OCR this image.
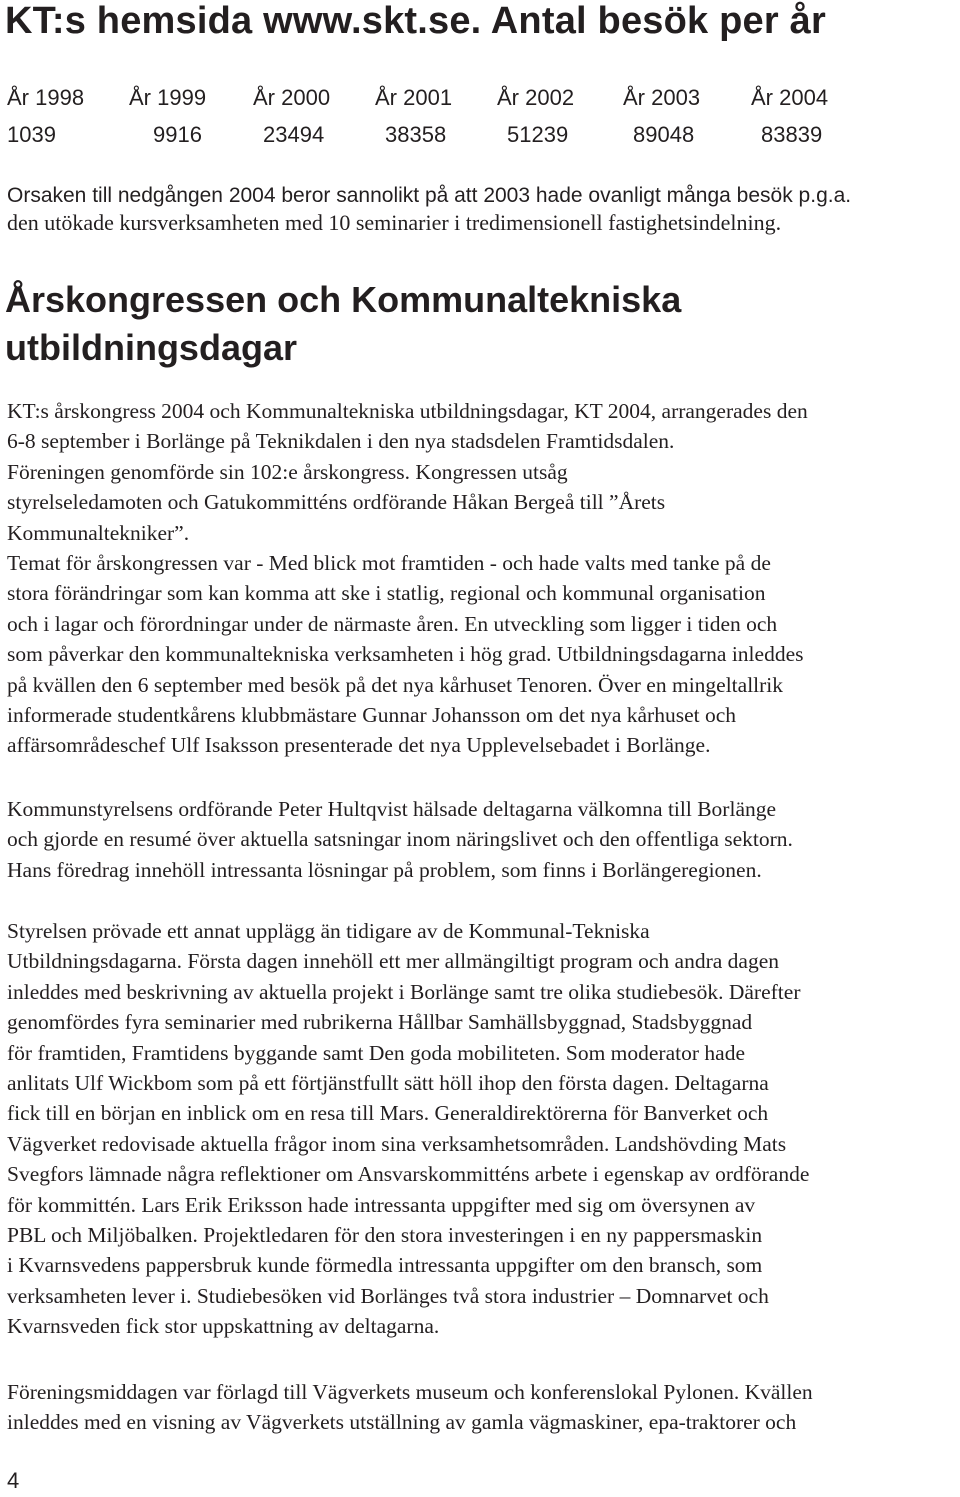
KT:s hemsida www.skt.se. Antal besök per år
År 1998 År 1999 År 2000 År 2001 År 2002 År 2003 År 2004
1039	9916	23494	38358	51239	89048	83839
Orsaken till nedgången 2004 beror sannolikt på att 2003 hade ovanligt många besök p.g.a.
den utökade kursverksamheten med 10 seminarier i tredimensionell fastighetsindelning.
Årskongressen och Kommunaltekniska
utbildningsdagar
KT:s årskongress 2004 och Kommunaltekniska utbildningsdagar, KT 2004, arrangerades den
6-8 september i Borlänge på Teknikdalen i den nya stadsdelen Framtidsdalen.
Föreningen genomförde sin 102:e årskongress. Kongressen utsåg
styrelseledamoten och Gatukommitténs ordförande Håkan Bergeå till ”Årets
Kommunaltekniker”.
Temat för årskongressen var - Med blick mot framtiden - och hade valts med tanke på de
stora förändringar som kan komma att ske i statlig, regional och kommunal organisation
och i lagar och förordningar under de närmaste åren. En utveckling som ligger i tiden och
som påverkar den kommunaltekniska verksamheten i hög grad. Utbildningsdagarna inleddes
på kvällen den 6 september med besök på det nya kårhuset Tenoren. Över en mingeltallrik
informerade studentkårens klubbmästare Gunnar Johansson om det nya kårhuset och
affärsområdeschef Ulf Isaksson presenterade det nya Upplevelsebadet i Borlänge.
Kommunstyrelsens ordförande Peter Hultqvist hälsade deltagarna välkomna till Borlänge
och gjorde en resumé över aktuella satsningar inom näringslivet och den offentliga sektorn.
Hans föredrag innehöll intressanta lösningar på problem, som finns i Borlängeregionen.
Styrelsen prövade ett annat upplägg än tidigare av de Kommunal-Tekniska
Utbildningsdagarna. Första dagen innehöll ett mer allmängiltigt program och andra dagen
inleddes med beskrivning av aktuella projekt i Borlänge samt tre olika studiebesök. Därefter
genomfördes fyra seminarier med rubrikerna Hållbar Samhällsbyggnad, Stadsbyggnad
för framtiden, Framtidens byggande samt Den goda mobiliteten. Som moderator hade
anlitats Ulf Wickbom som på ett förtjänstfullt sätt höll ihop den första dagen. Deltagarna
fick till en början en inblick om en resa till Mars. Generaldirektörerna för Banverket och
Vägverket redovisade aktuella frågor inom sina verksamhetsområden. Landshövding Mats
Svegfors lämnade några reflektioner om Ansvarskommitténs arbete i egenskap av ordförande
för kommittén. Lars Erik Eriksson hade intressanta uppgifter med sig om översynen av
PBL och Miljöbalken. Projektledaren för den stora investeringen i en ny pappersmaskin
i Kvarnsvedens pappersbruk kunde förmedla intressanta uppgifter om den bransch, som
verksamheten lever i. Studiebesöken vid Borlänges två stora industrier – Domnarvet och
Kvarnsveden fick stor uppskattning av deltagarna.
Föreningsmiddagen var förlagd till Vägverkets museum och konferenslokal Pylonen. Kvällen
inleddes med en visning av Vägverkets utställning av gamla vägmaskiner, epa-traktorer och
4
